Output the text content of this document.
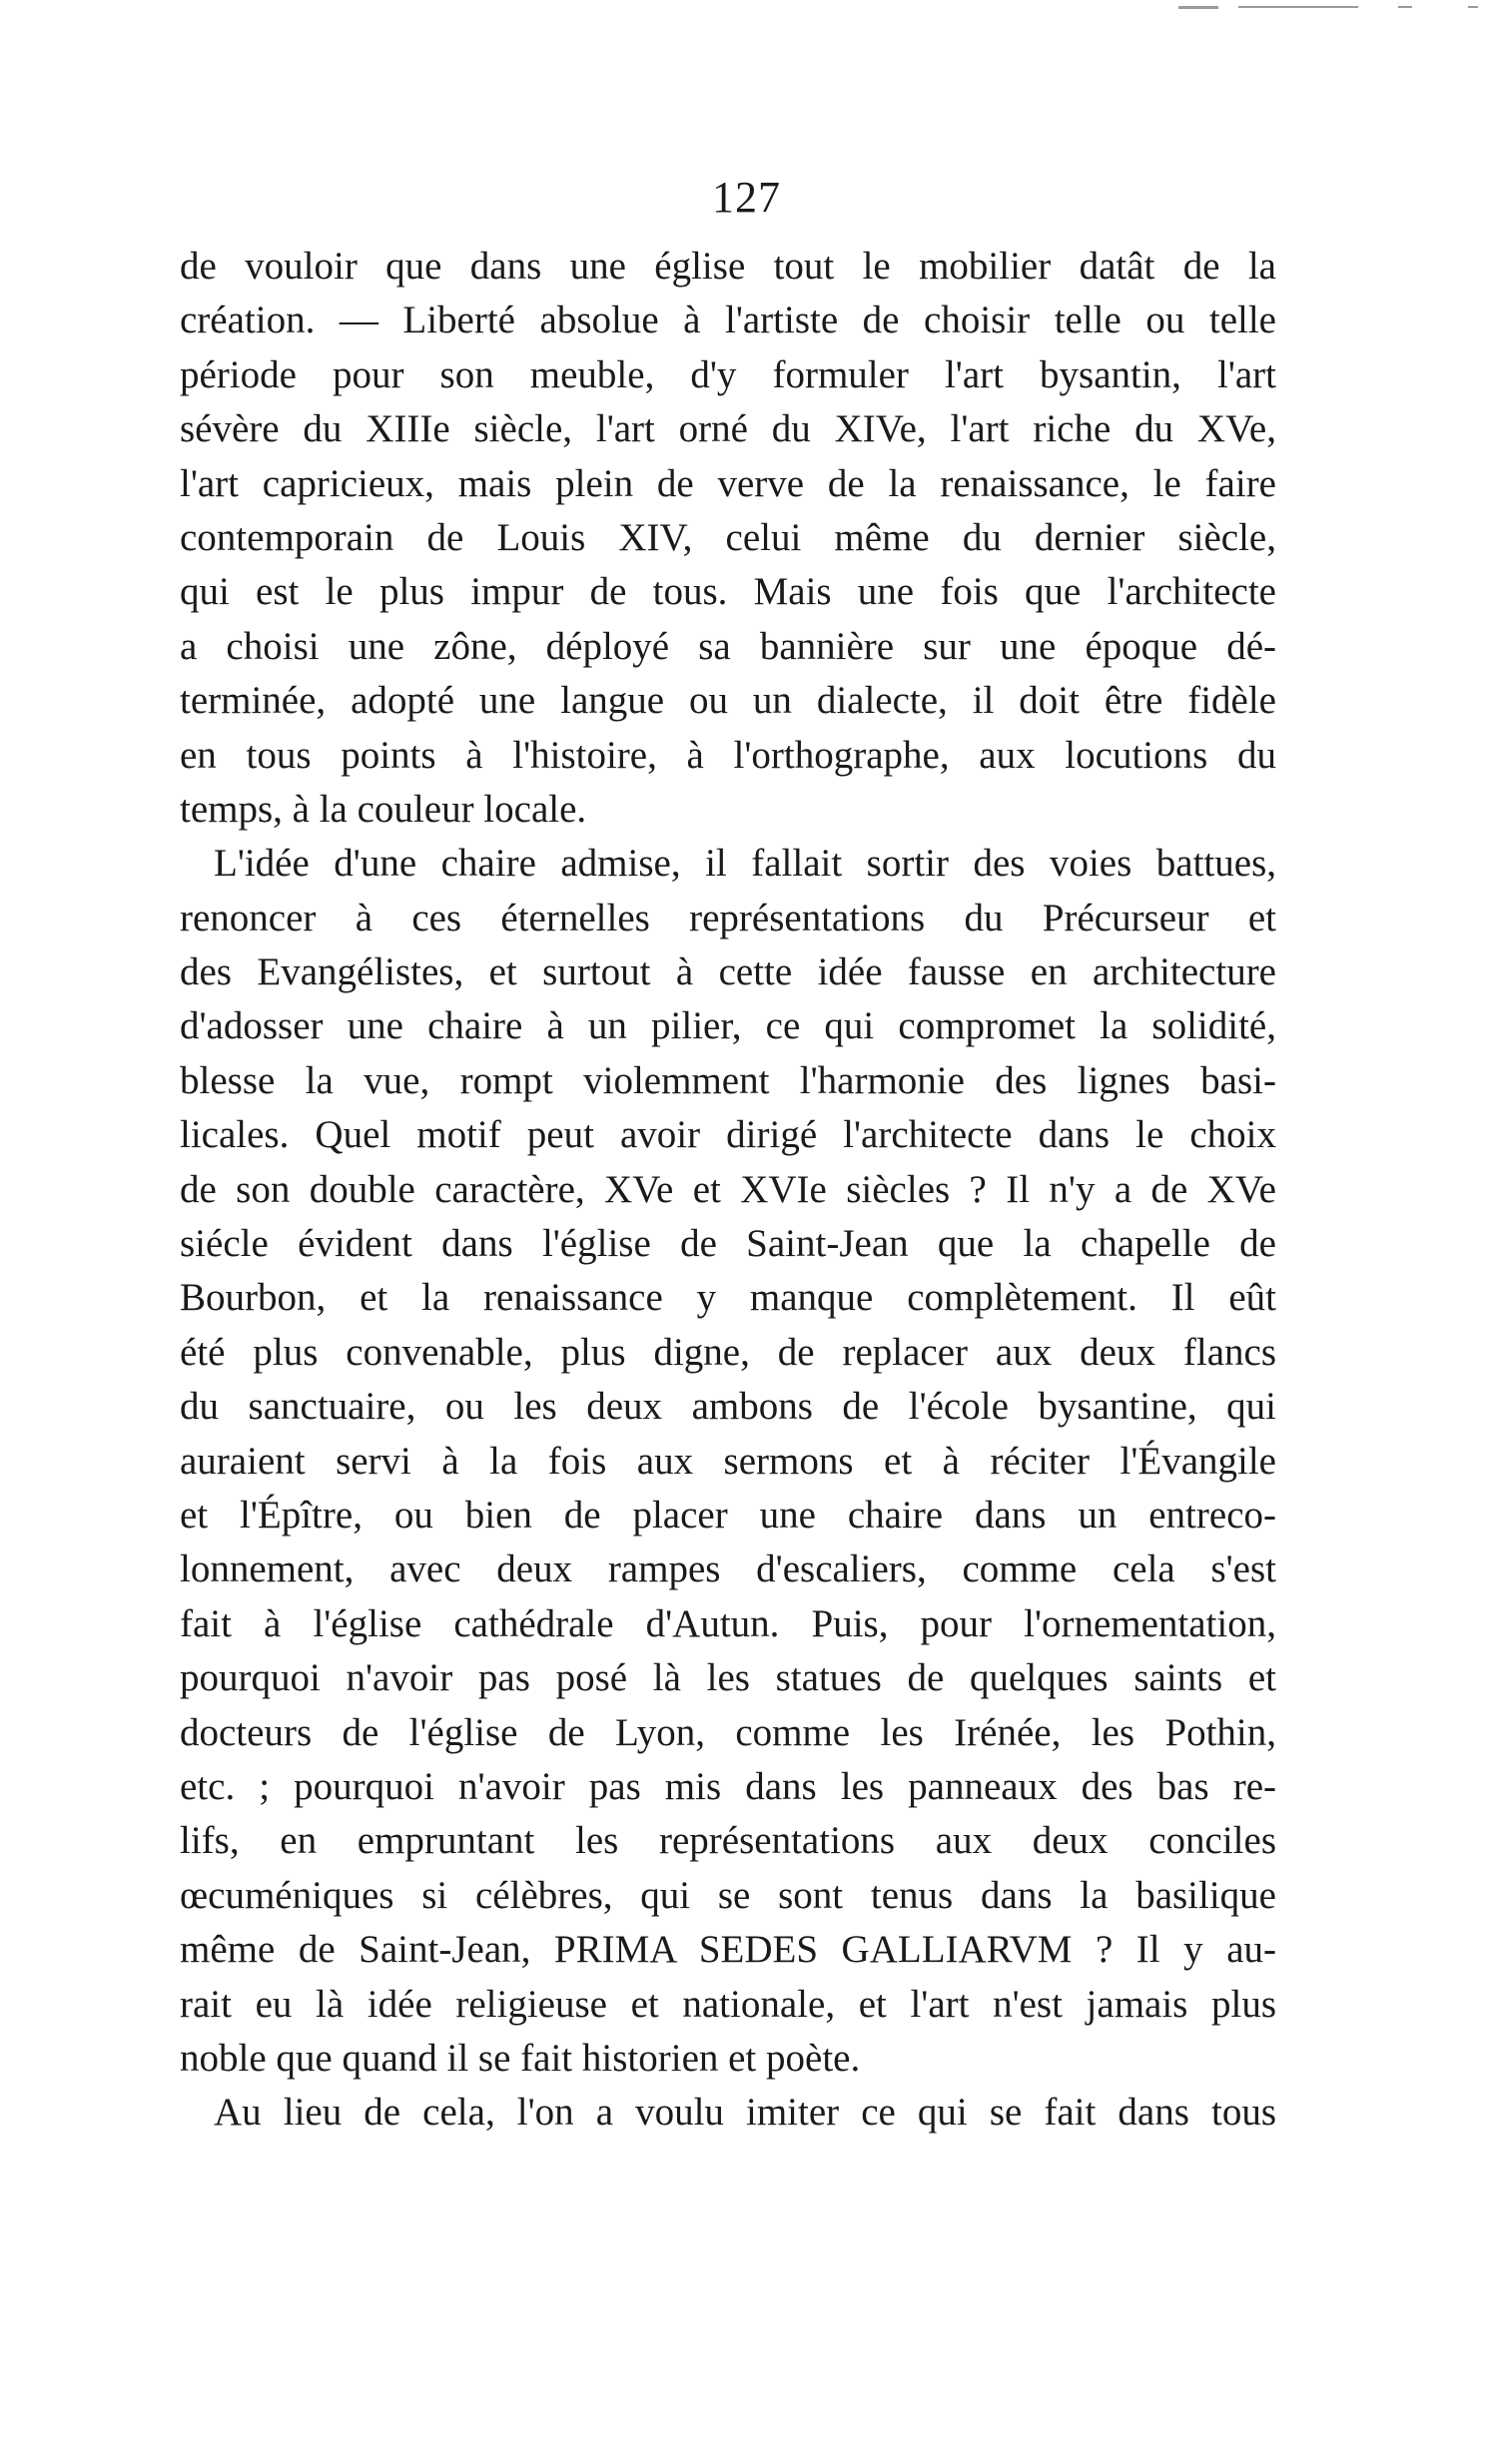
127
de vouloir que dans une église tout le mobilier datât de la
création. — Liberté absolue à l'artiste de choisir telle ou telle
période pour son meuble, d'y formuler l'art bysantin, l'art
sévère du XIIIe siècle, l'art orné du XIVe, l'art riche du XVe,
l'art capricieux, mais plein de verve de la renaissance, le faire
contemporain de Louis XIV, celui même du dernier siècle,
qui est le plus impur de tous. Mais une fois que l'architecte
a choisi une zône, déployé sa bannière sur une époque dé-
terminée, adopté une langue ou un dialecte, il doit être fidèle
en tous points à l'histoire, à l'orthographe, aux locutions du
temps, à la couleur locale.
L'idée d'une chaire admise, il fallait sortir des voies battues,
renoncer à ces éternelles représentations du Précurseur et
des Evangélistes, et surtout à cette idée fausse en architecture
d'adosser une chaire à un pilier, ce qui compromet la solidité,
blesse la vue, rompt violemment l'harmonie des lignes basi-
licales. Quel motif peut avoir dirigé l'architecte dans le choix
de son double caractère, XVe et XVIe siècles ? Il n'y a de XVe
siécle évident dans l'église de Saint-Jean que la chapelle de
Bourbon, et la renaissance y manque complètement. Il eût
été plus convenable, plus digne, de replacer aux deux flancs
du sanctuaire, ou les deux ambons de l'école bysantine, qui
auraient servi à la fois aux sermons et à réciter l'Évangile
et l'Épître, ou bien de placer une chaire dans un entreco-
lonnement, avec deux rampes d'escaliers, comme cela s'est
fait à l'église cathédrale d'Autun. Puis, pour l'ornementation,
pourquoi n'avoir pas posé là les statues de quelques saints et
docteurs de l'église de Lyon, comme les Irénée, les Pothin,
etc. ; pourquoi n'avoir pas mis dans les panneaux des bas re-
lifs, en empruntant les représentations aux deux conciles
œcuméniques si célèbres, qui se sont tenus dans la basilique
même de Saint-Jean, PRIMA SEDES GALLIARVM ? Il y au-
rait eu là idée religieuse et nationale, et l'art n'est jamais plus
noble que quand il se fait historien et poète.
Au lieu de cela, l'on a voulu imiter ce qui se fait dans tous
